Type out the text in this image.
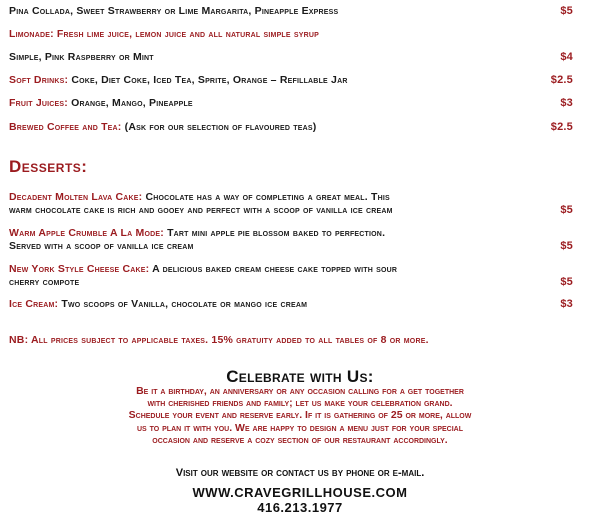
Pina Collada, Sweet Strawberry or Lime Margarita, Pineapple Express	$5
Limonade: Fresh lime juice, lemon juice and all natural simple syrup
Simple, Pink Raspberry or Mint	$4
Soft Drinks: Coke, Diet Coke, Iced Tea, Sprite, Orange – Refillable Jar	$2.5
Fruit Juices: Orange, Mango, Pineapple	$3
Brewed Coffee and Tea: (Ask for our selection of flavoured teas)	$2.5
Desserts:
Decadent Molten Lava Cake: Chocolate has a way of completing a great meal. This
warm chocolate cake is rich and gooey and perfect with a scoop of vanilla ice cream	$5
Warm Apple Crumble A La Mode: Tart mini apple pie blossom baked to perfection.
Served with a scoop of vanilla ice cream	$5
New York Style Cheese Cake: A delicious baked cream cheese cake topped with sour
cherry compote	$5
Ice Cream: Two scoops of Vanilla, chocolate or mango ice cream	$3
NB: All prices subject to applicable taxes. 15% gratuity added to all tables of 8 or more.
Celebrate with Us:
Be it a birthday, an anniversary or any occasion calling for a get together
with cherished friends and family; let us make your celebration grand.
Schedule your event and reserve early. If it is gathering of 25 or more, allow
us to plan it with you. We are happy to design a menu just for your special
occasion and reserve a cozy section of our restaurant accordingly.
Visit our website or contact us by phone or e-mail.
WWW.CRAVEGRILLHOUSE.COM
416.213.1977
